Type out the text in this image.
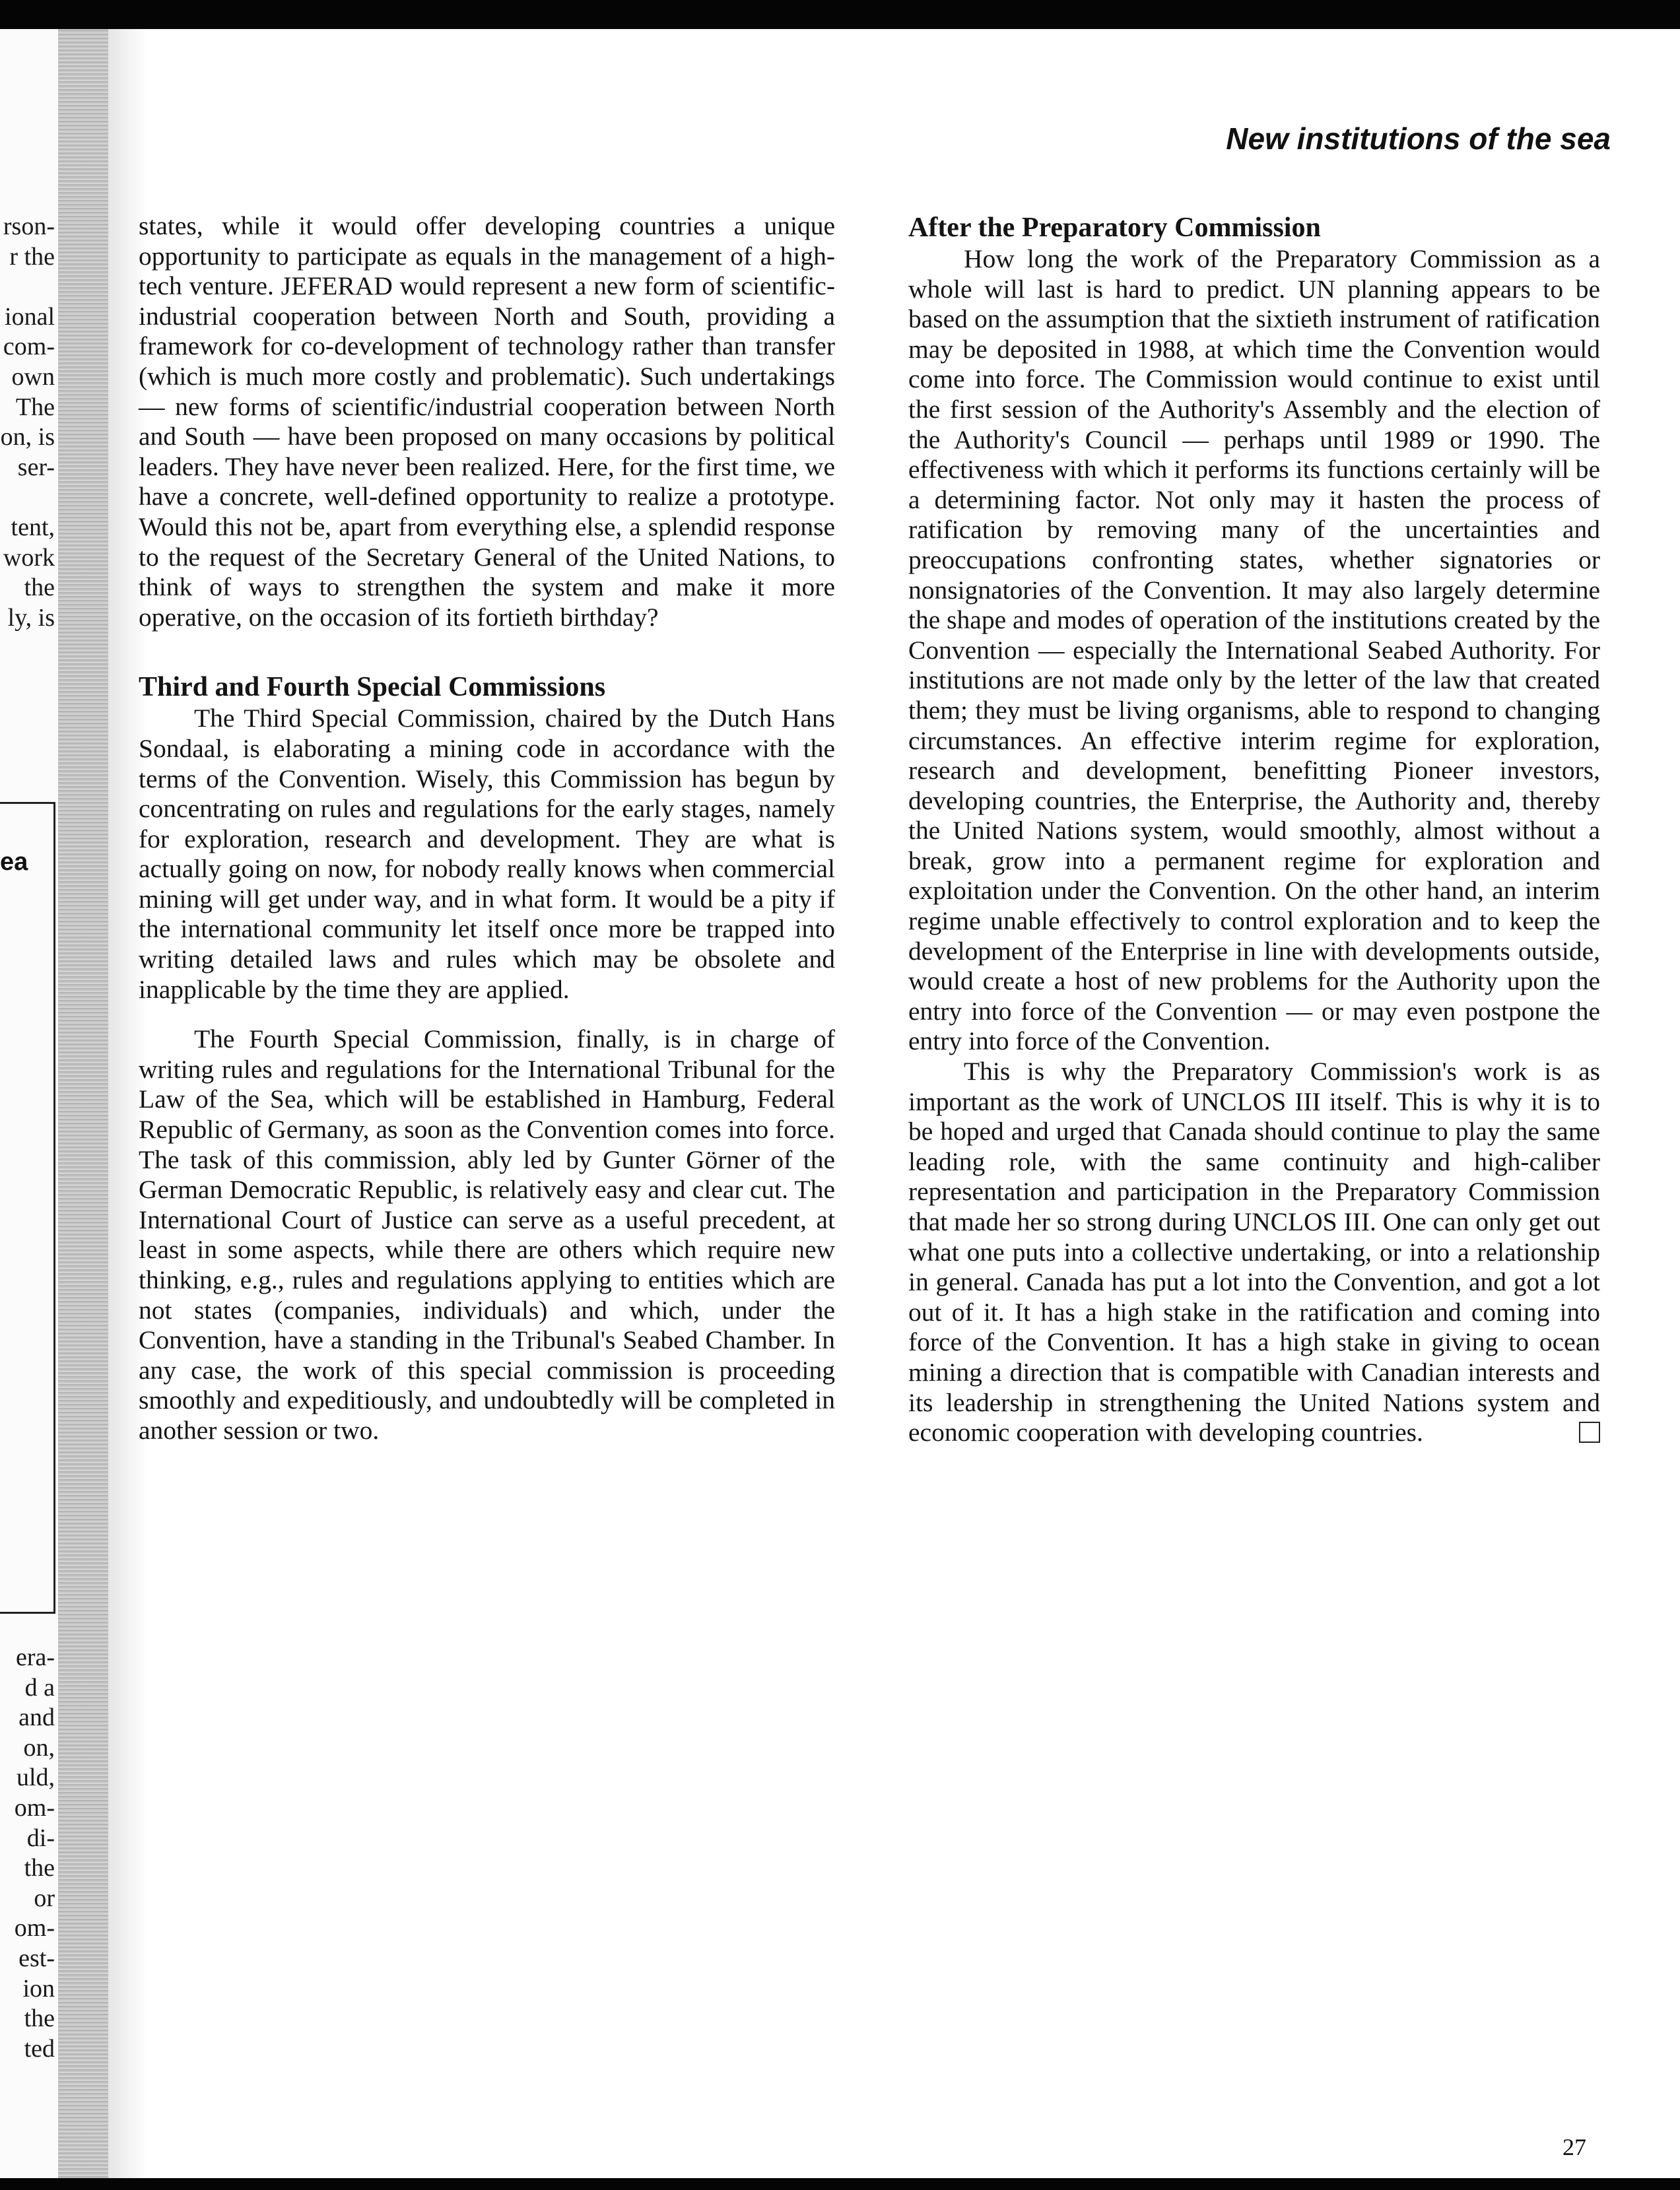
rson-
r the
ional
com-
own
The
on, is
ser-
tent,
work
the
ly, is
ea
era-
d a
and
on,
uld,
om-
di-
the
or
om-
est-
ion
the
ted
New institutions of the sea

states, while it would offer developing countries a unique opportunity to participate as equals in the management of a high-tech venture. JEFERAD would represent a new form of scientific-industrial cooperation between North and South, providing a framework for co-development of technology rather than transfer (which is much more costly and problematic). Such undertakings — new forms of scientific/industrial cooperation between North and South — have been proposed on many occasions by political leaders. They have never been realized. Here, for the first time, we have a concrete, well-defined opportunity to realize a prototype. Would this not be, apart from everything else, a splendid response to the request of the Secretary General of the United Nations, to think of ways to strengthen the system and make it more operative, on the occasion of its fortieth birthday?

Third and Fourth Special Commissions

The Third Special Commission, chaired by the Dutch Hans Sondaal, is elaborating a mining code in accordance with the terms of the Convention. Wisely, this Commission has begun by concentrating on rules and regulations for the early stages, namely for exploration, research and development. They are what is actually going on now, for nobody really knows when commercial mining will get under way, and in what form. It would be a pity if the international community let itself once more be trapped into writing detailed laws and rules which may be obsolete and inapplicable by the time they are applied.

The Fourth Special Commission, finally, is in charge of writing rules and regulations for the International Tribunal for the Law of the Sea, which will be established in Hamburg, Federal Republic of Germany, as soon as the Convention comes into force. The task of this commission, ably led by Gunter Görner of the German Democratic Republic, is relatively easy and clear cut. The International Court of Justice can serve as a useful precedent, at least in some aspects, while there are others which require new thinking, e.g., rules and regulations applying to entities which are not states (companies, individuals) and which, under the Convention, have a standing in the Tribunal's Seabed Chamber. In any case, the work of this special commission is proceeding smoothly and expeditiously, and undoubtedly will be completed in another session or two.

After the Preparatory Commission

How long the work of the Preparatory Commission as a whole will last is hard to predict. UN planning appears to be based on the assumption that the sixtieth instrument of ratification may be deposited in 1988, at which time the Convention would come into force. The Commission would continue to exist until the first session of the Authority's Assembly and the election of the Authority's Council — perhaps until 1989 or 1990. The effectiveness with which it performs its functions certainly will be a determining factor. Not only may it hasten the process of ratification by removing many of the uncertainties and preoccupations confronting states, whether signatories or nonsignatories of the Convention. It may also largely determine the shape and modes of operation of the institutions created by the Convention — especially the International Seabed Authority. For institutions are not made only by the letter of the law that created them; they must be living organisms, able to respond to changing circumstances. An effective interim regime for exploration, research and development, benefitting Pioneer investors, developing countries, the Enterprise, the Authority and, thereby the United Nations system, would smoothly, almost without a break, grow into a permanent regime for exploration and exploitation under the Convention. On the other hand, an interim regime unable effectively to control exploration and to keep the development of the Enterprise in line with developments outside, would create a host of new problems for the Authority upon the entry into force of the Convention — or may even postpone the entry into force of the Convention.

This is why the Preparatory Commission's work is as important as the work of UNCLOS III itself. This is why it is to be hoped and urged that Canada should continue to play the same leading role, with the same continuity and high-caliber representation and participation in the Preparatory Commission that made her so strong during UNCLOS III. One can only get out what one puts into a collective undertaking, or into a relationship in general. Canada has put a lot into the Convention, and got a lot out of it. It has a high stake in the ratification and coming into force of the Convention. It has a high stake in giving to ocean mining a direction that is compatible with Canadian interests and its leadership in strengthening the United Nations system and economic cooperation with developing countries.

27
